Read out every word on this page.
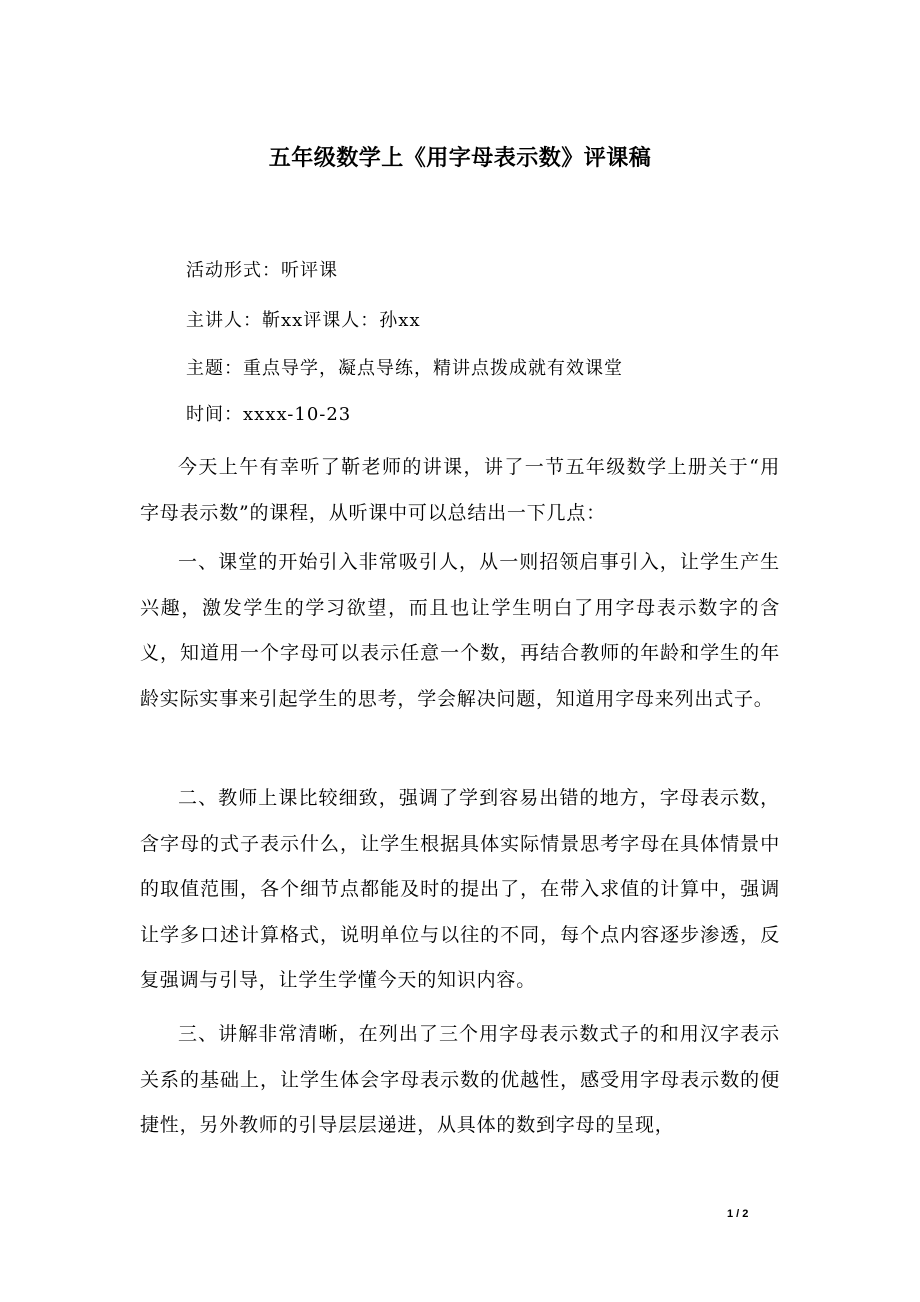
五年级数学上《用字母表示数》评课稿
活动形式：听评课
主讲人：靳xx评课人：孙xx
主题：重点导学，凝点导练，精讲点拨成就有效课堂
时间：xxxx-10-23

今天上午有幸听了靳老师的讲课，讲了一节五年级数学上册关于“用字母表示数”的课程，从听课中可以总结出一下几点：

一、课堂的开始引入非常吸引人，从一则招领启事引入，让学生产生兴趣，激发学生的学习欲望，而且也让学生明白了用字母表示数字的含义，知道用一个字母可以表示任意一个数，再结合教师的年龄和学生的年龄实际实事来引起学生的思考，学会解决问题，知道用字母来列出式子。

二、教师上课比较细致，强调了学到容易出错的地方，字母表示数，含字母的式子表示什么，让学生根据具体实际情景思考字母在具体情景中的取值范围，各个细节点都能及时的提出了，在带入求值的计算中，强调让学多口述计算格式，说明单位与以往的不同，每个点内容逐步渗透，反复强调与引导，让学生学懂今天的知识内容。

三、讲解非常清晰，在列出了三个用字母表示数式子的和用汉字表示关系的基础上，让学生体会字母表示数的优越性，感受用字母表示数的便捷性，另外教师的引导层层递进，从具体的数到字母的呈现，

1 / 2
